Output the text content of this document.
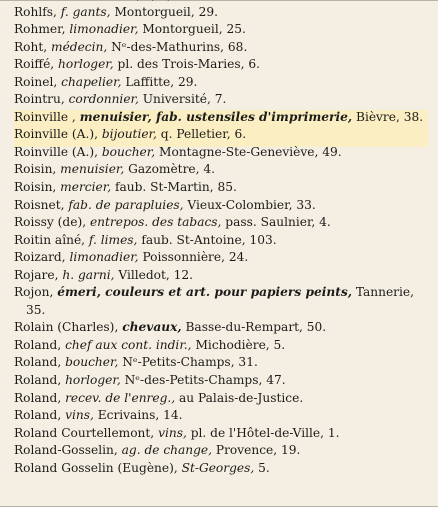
Rohlfs, f. gants, Montorgueil, 29.
Rohmer, limonadier, Montorgueil, 25.
Roht, médecin, Nᵉ-des-Mathurins, 68.
Roiffé, horloger, pl. des Trois-Maries, 6.
Roinel, chapelier, Laffitte, 29.
Rointru, cordonnier, Université, 7.
Roinville , menuisier, fab. ustensiles d'imprimerie, Bièvre, 38.
Roinville (A.), bijoutier, q. Pelletier, 6.
Roinville (A.), boucher, Montagne-Ste-Geneviève, 49.
Roisin, menuisier, Gazomètre, 4.
Roisin, mercier, faub. St-Martin, 85.
Roisnet, fab. de parapluies, Vieux-Colombier, 33.
Roissy (de), entrepos. des tabacs, pass. Saulnier, 4.
Roitin aîné, f. limes, faub. St-Antoine, 103.
Roizard, limonadier, Poissonnière, 24.
Rojare, h. garni, Villedot, 12.
Rojon, émeri, couleurs et art. pour papiers peints, Tannerie, 35.
Rolain (Charles), chevaux, Basse-du-Rempart, 50.
Roland, chef aux cont. indir., Michodière, 5.
Roland, boucher, Nᵉ-Petits-Champs, 31.
Roland, horloger, Nᵉ-des-Petits-Champs, 47.
Roland, recev. de l'enreg., au Palais-de-Justice.
Roland, vins, Ecrivains, 14.
Roland Courtellemont, vins, pl. de l'Hôtel-de-Ville, 1.
Roland-Gosselin, ag. de change, Provence, 19.
Roland Gosselin (Eugène), St-Georges, 5.
